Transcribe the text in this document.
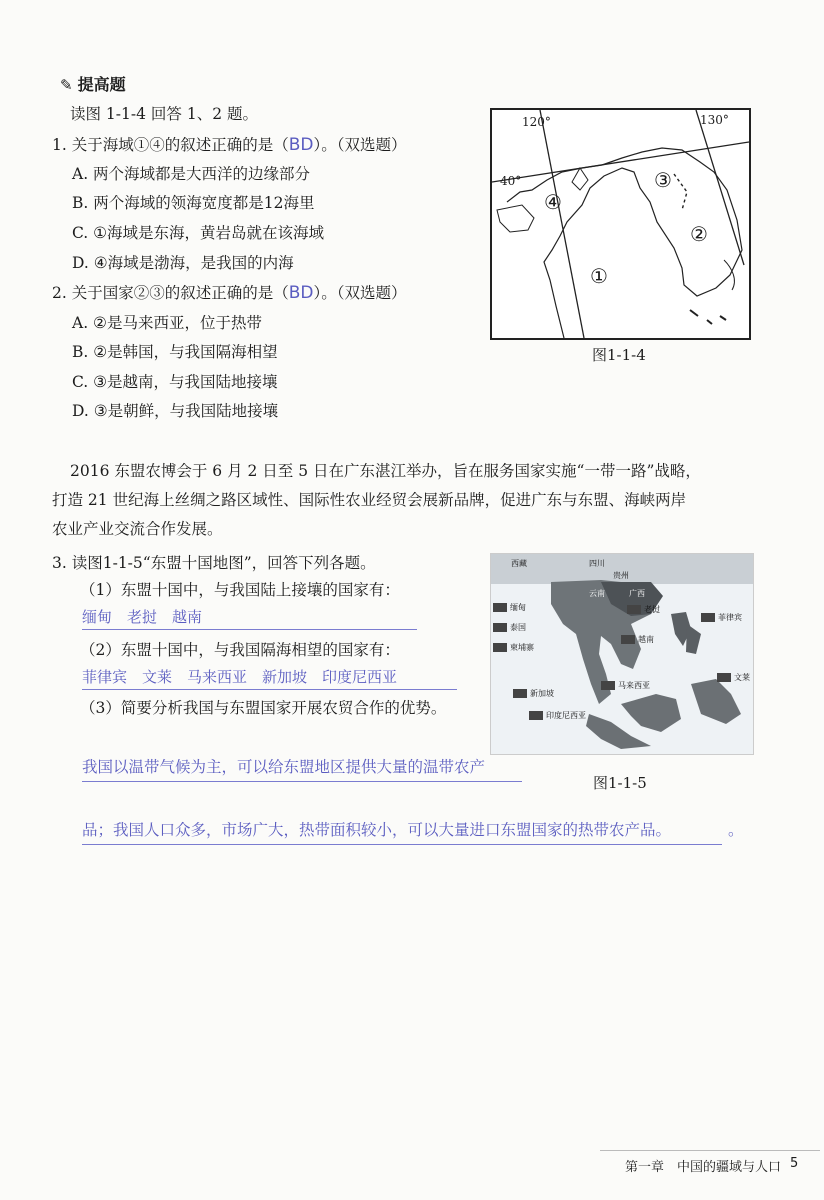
✎ 提高题
读图 1-1-4 回答 1、2 题。
1. 关于海域①④的叙述正确的是（BD）。（双选题）
A. 两个海域都是大西洋的边缘部分
B. 两个海域的领海宽度都是12海里
C. ①海域是东海，黄岩岛就在该海域
D. ④海域是渤海，是我国的内海
2. 关于国家②③的叙述正确的是（BD）。（双选题）
A. ②是马来西亚，位于热带
B. ②是韩国，与我国隔海相望
C. ③是越南，与我国陆地接壤
D. ③是朝鲜，与我国陆地接壤
120°	130°
40°
①
②
③
④
图1-1-4
2016 东盟农博会于 6 月 2 日至 5 日在广东湛江举办，旨在服务国家实施“一带一路”战略，
打造 21 世纪海上丝绸之路区域性、国际性农业经贸会展新品牌，促进广东与东盟、海峡两岸
农业产业交流合作发展。
3. 读图1-1-5“东盟十国地图”，回答下列各题。
（1）东盟十国中，与我国陆上接壤的国家有：
缅甸　老挝　越南
（2）东盟十国中，与我国隔海相望的国家有：
菲律宾　文莱　马来西亚　新加坡　印度尼西亚
（3）简要分析我国与东盟国家开展农贸合作的优势。
我国以温带气候为主，可以给东盟地区提供大量的温带农产
品；我国人口众多，市场广大，热带面积较小，可以大量进口东盟国家的热带农产品。	。
西藏	四川
贵州
云南	广西
缅甸
泰国
柬埔寨
老挝
越南
菲律宾
文莱
马来西亚
新加坡
印度尼西亚
图1-1-5
第一章　中国的疆域与人口 5
